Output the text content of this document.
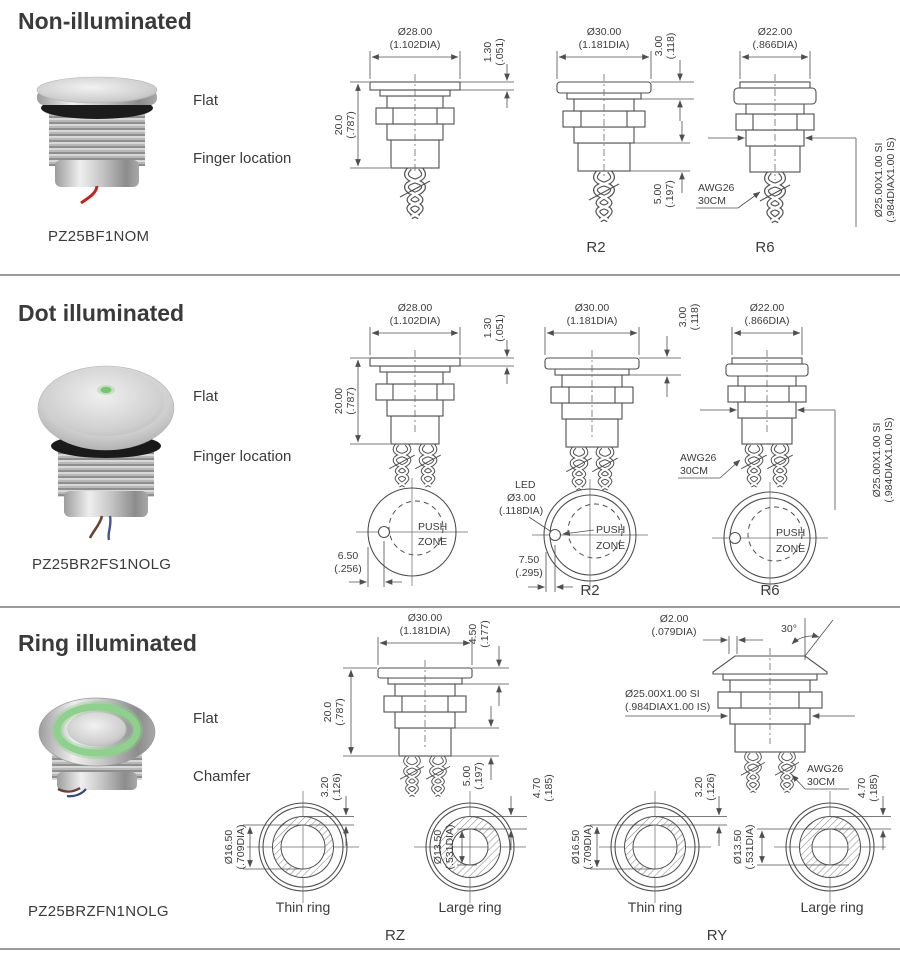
Non-illuminated
Flat
Finger location
PZ25BF1NOM
Ø28.00
(1.102DIA)
20.0 (.787)
1.30 (.051)
Ø30.00
(1.181DIA) 3.00 (.118)
5.00 (.197)
R2
Ø22.00
(.866DIA)
Ø25.00X1.00 SI (.984DIAX1.00 IS)
AWG26
30CM
R6
Dot illuminated
Flat
Finger location
PZ25BR2FS1NOLG
Ø28.00
(1.102DIA)
20.00 (.787)
1.30 (.051)
PUSH
ZONE
6.50
(.256)
Ø30.00
(1.181DIA)	3.00 (.118)
PUSH
ZONE
LED
Ø3.00
(.118DIA)
7.50
(.295)
R2
Ø22.00
(.866DIA)
Ø25.00X1.00 SI (.984DIAX1.00 IS)
AWG26
30CM
PUSH
ZONE
R6
Ring illuminated
Flat
Chamfer
PZ25BRZFN1NOLG
Ø30.00
(1.181DIA) 4.50 (.177)
20.0 (.787)
5.00 (.197)
Ø16.50 (.709DIA)
3.20 (.126)
Ø13.50 (.531DIA)
4.70 (.185)
Thin ring	Large ring
RZ
Ø2.00
(.079DIA)	30°
Ø25.00X1.00 SI
(.984DIAX1.00 IS)
AWG26
30CM
Ø16.50 (.709DIA)
3.20 (.126)
Ø13.50 (.531DIA)
4.70 (.185)
Thin ring	Large ring
RY
